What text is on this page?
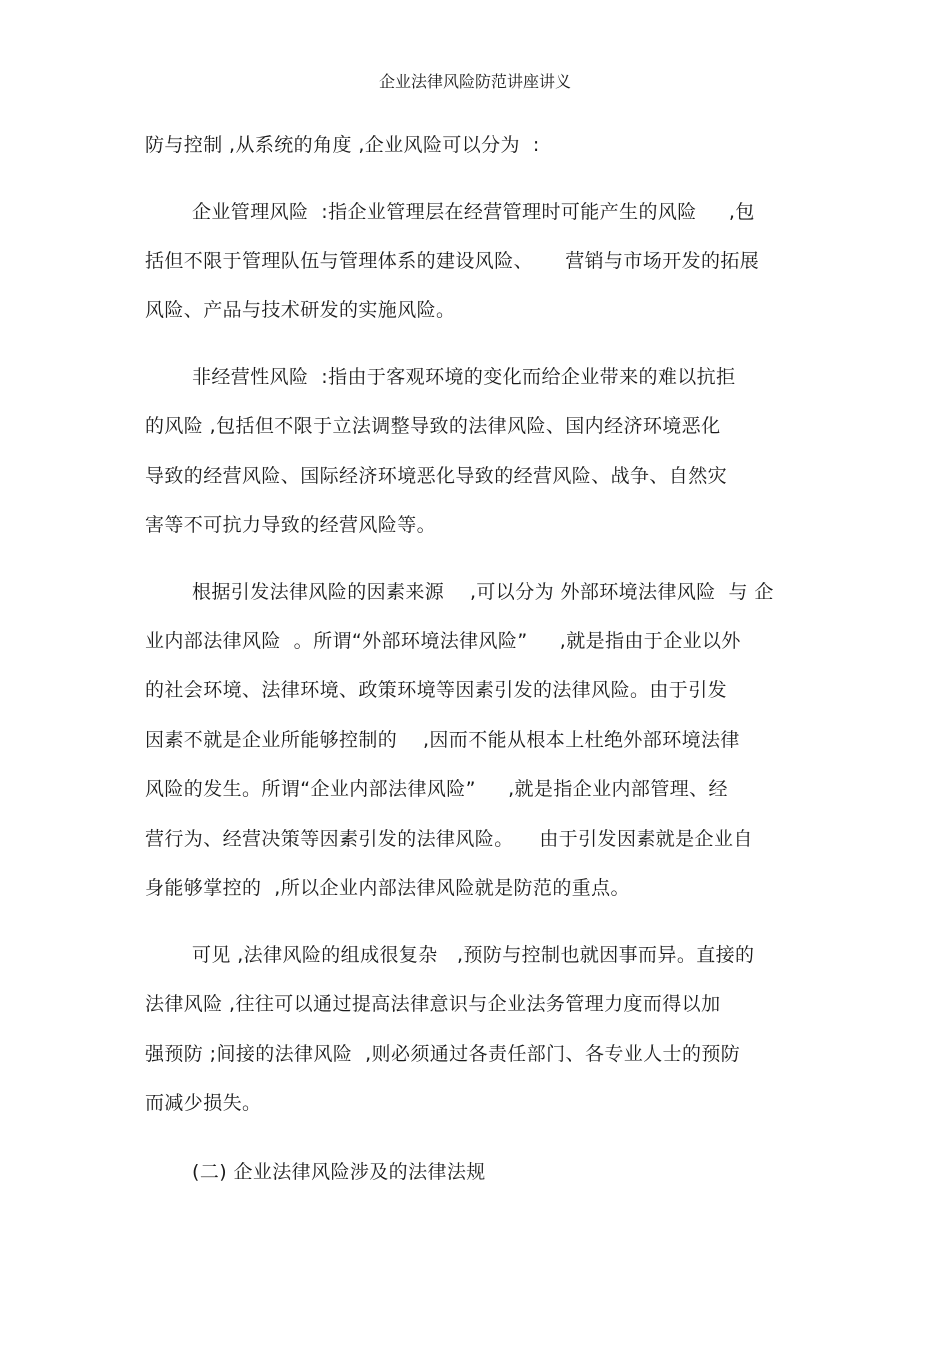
企业法律风险防范讲座讲义
防与控制 ,从系统的角度 ,企业风险可以分为  :
企业管理风险  :指企业管理层在经营管理时可能产生的风险     ,包
括但不限于管理队伍与管理体系的建设风险、     营销与市场开发的拓展
风险、产品与技术研发的实施风险。
非经营性风险  :指由于客观环境的变化而给企业带来的难以抗拒
的风险 ,包括但不限于立法调整导致的法律风险、国内经济环境恶化
导致的经营风险、国际经济环境恶化导致的经营风险、战争、自然灾
害等不可抗力导致的经营风险等。
根据引发法律风险的因素来源    ,可以分为 外部环境法律风险  与 企
业内部法律风险  。所谓“外部环境法律风险”     ,就是指由于企业以外
的社会环境、法律环境、政策环境等因素引发的法律风险。由于引发
因素不就是企业所能够控制的    ,因而不能从根本上杜绝外部环境法律
风险的发生。所谓“企业内部法律风险”     ,就是指企业内部管理、经
营行为、经营决策等因素引发的法律风险。    由于引发因素就是企业自
身能够掌控的  ,所以企业内部法律风险就是防范的重点。
可见 ,法律风险的组成很复杂   ,预防与控制也就因事而异。直接的
法律风险 ,往往可以通过提高法律意识与企业法务管理力度而得以加
强预防 ;间接的法律风险  ,则必须通过各责任部门、各专业人士的预防
而减少损失。
(二) 企业法律风险涉及的法律法规
